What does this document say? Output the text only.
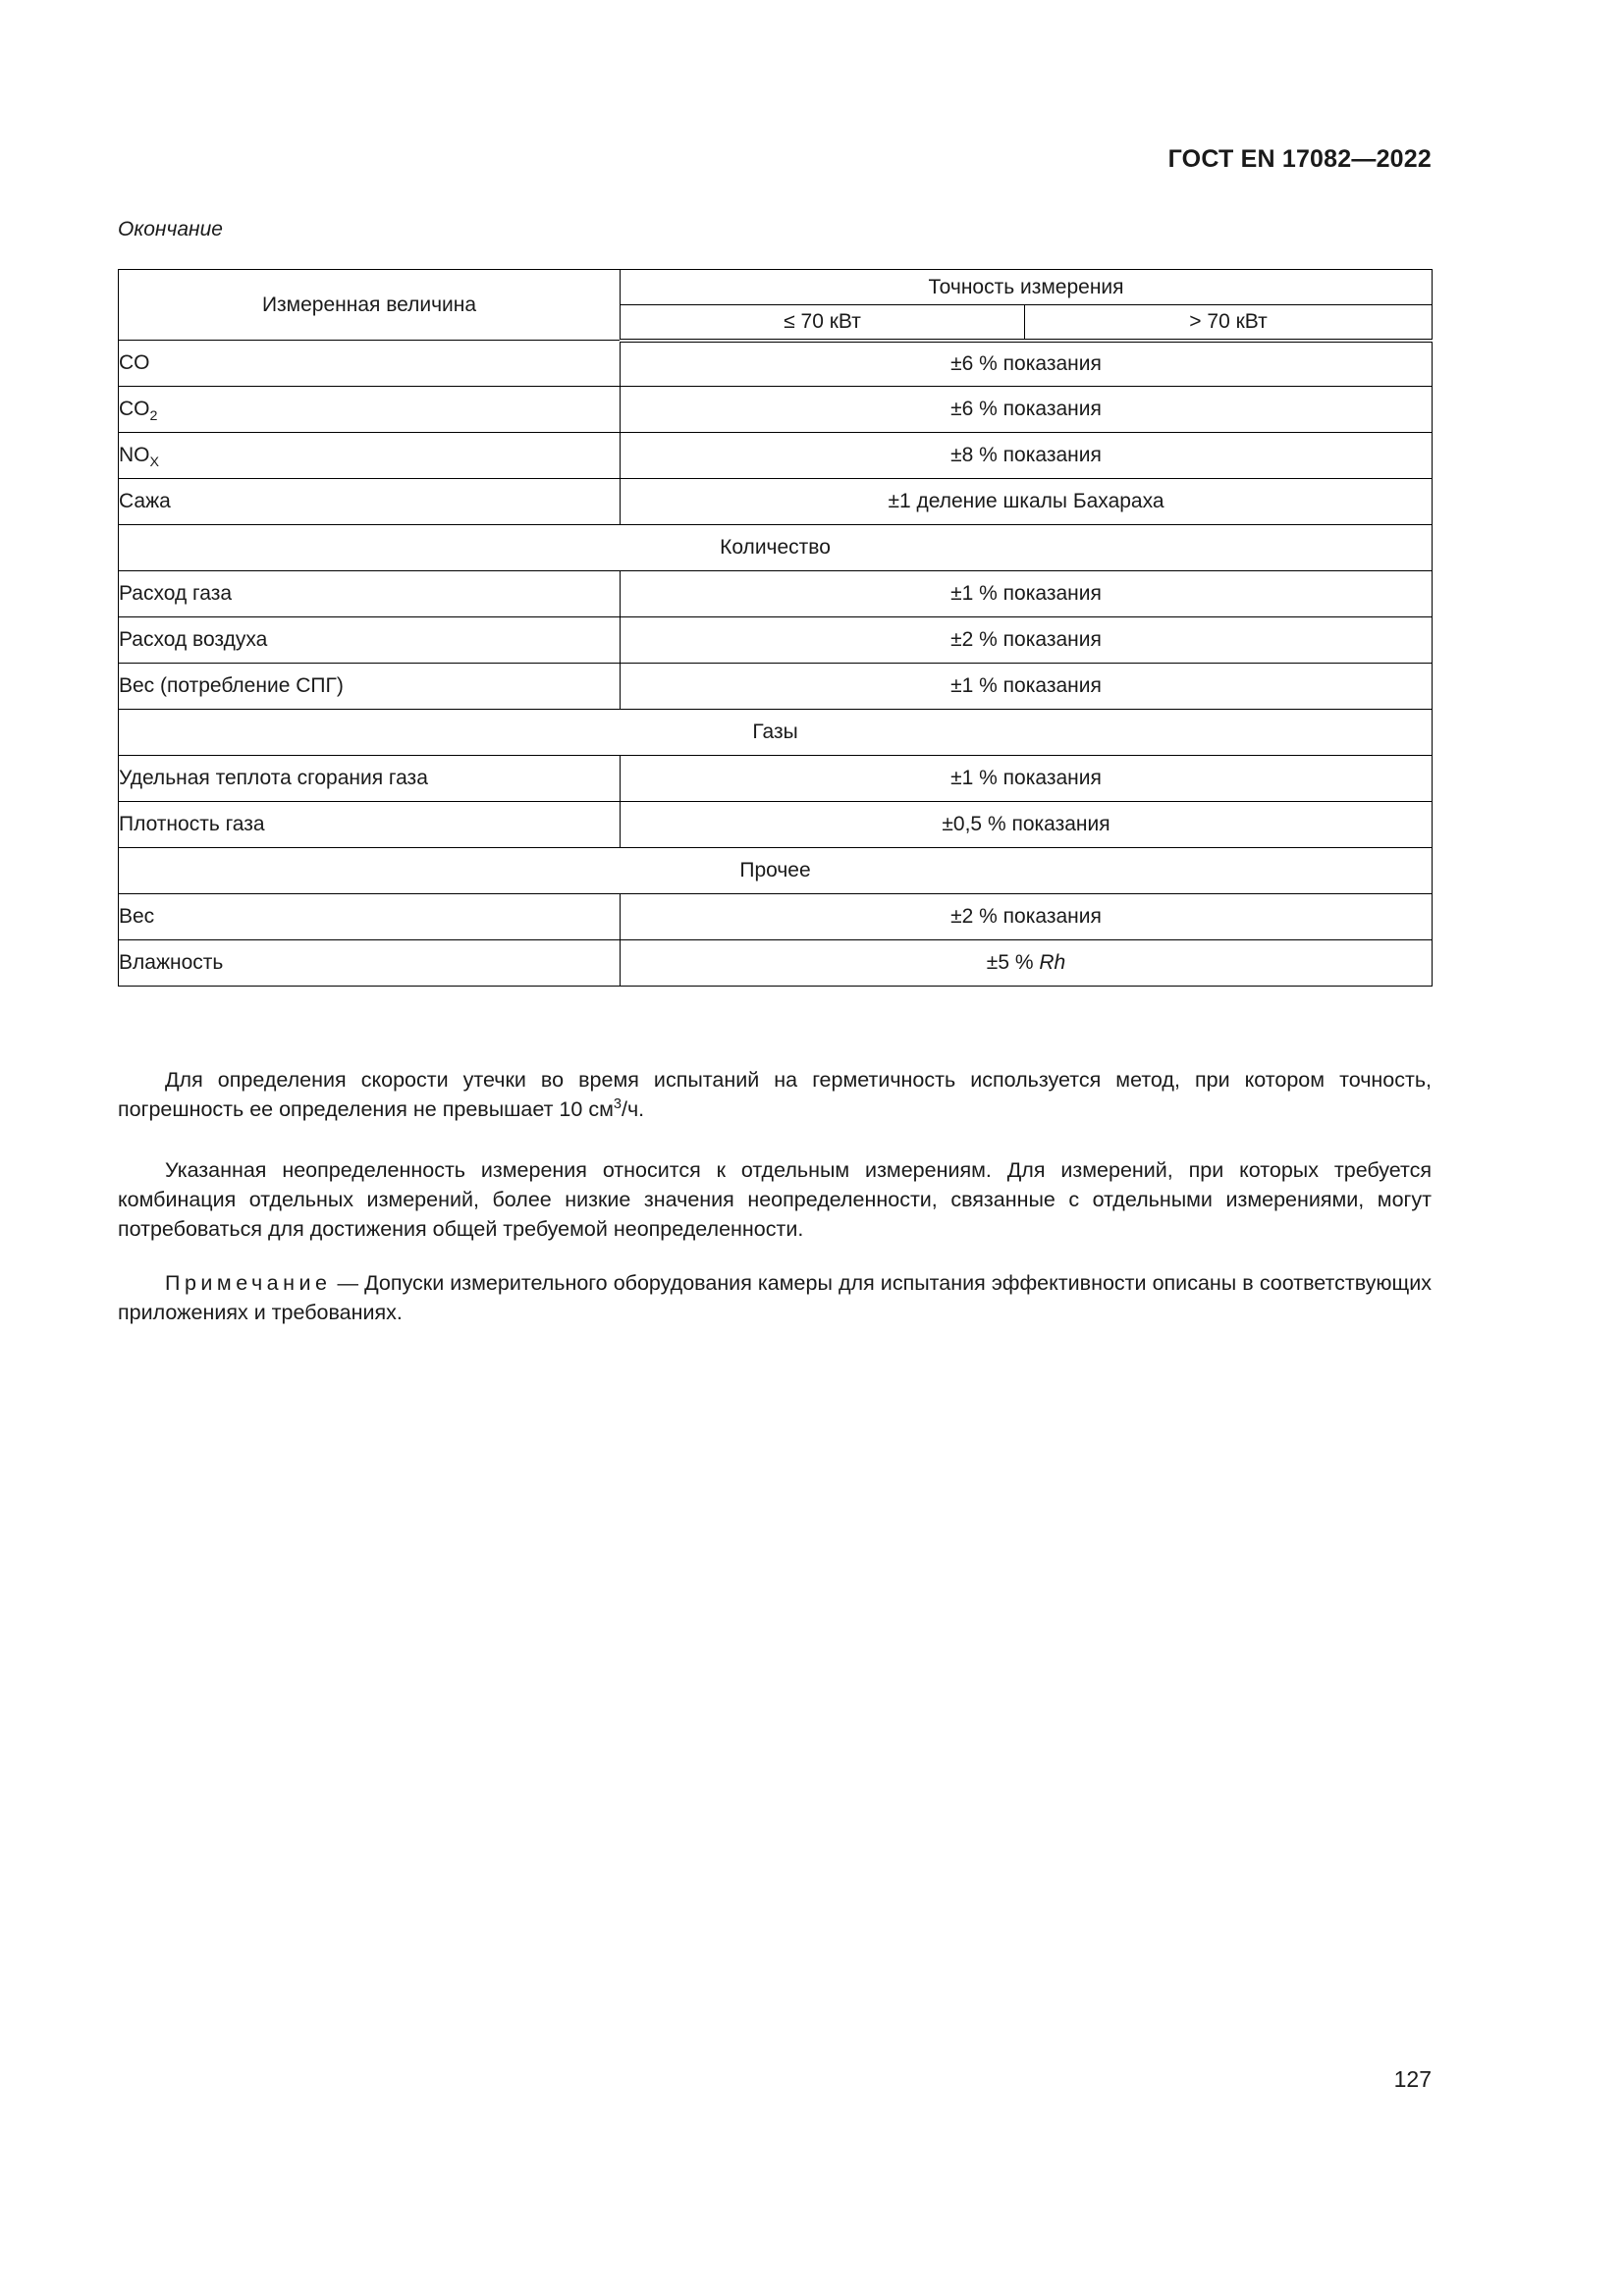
ГОСТ EN 17082—2022
Окончание
Измеренная величина	Точность измерения	
	≤ 70 кВт	> 70 кВт
CO	±6 % показания	
$CO_2$	±6 % показания	
$NO_X$	±8 % показания	
Сажа	±1 деление шкалы Бахараха	
Количество		
Расход газа	±1 % показания	
Расход воздуха	±2 % показания	
Вес (потребление СПГ)	±1 % показания	
Газы		
Удельная теплота сгорания газа	±1 % показания	
Плотность газа	±0,5 % показания	
Прочее		
Вес	±2 % показания	
Влажность	±5 % Rh	

Для определения скорости утечки во время испытаний на герметичность используется метод, при котором точность, погрешность ее определения не превышает 10 $см^3/ч$.

Указанная неопределенность измерения относится к отдельным измерениям. Для измерений, при которых требуется комбинация отдельных измерений, более низкие значения неопределенности, связанные с отдельными измерениями, могут потребоваться для достижения общей требуемой неопределенности.

Примечание — Допуски измерительного оборудования камеры для испытания эффективности описаны в соответствующих приложениях и требованиях.

127
